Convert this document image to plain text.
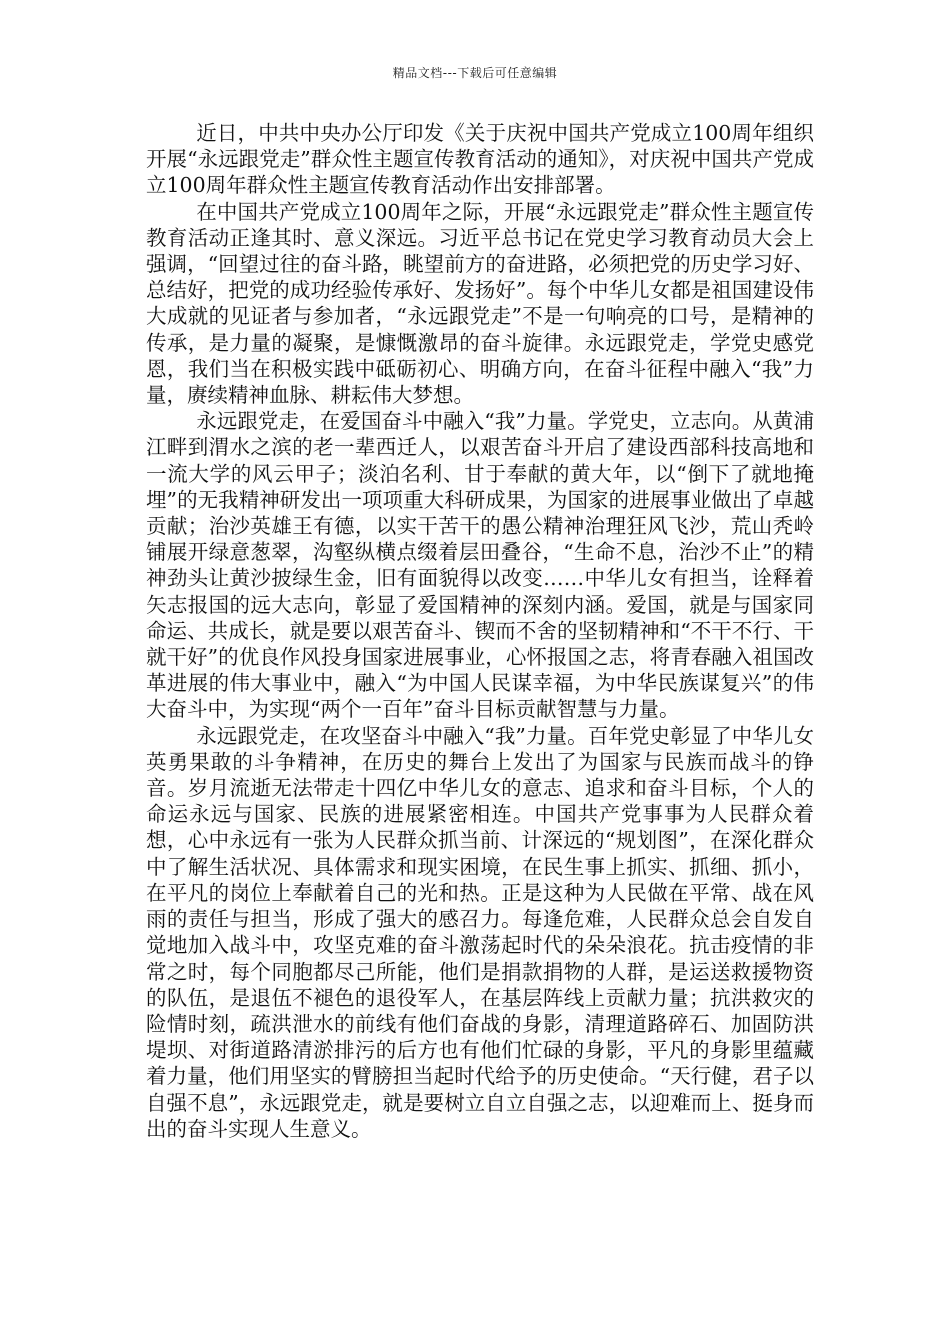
精品文档---下载后可任意编辑

近日，中共中央办公厅印发《关于庆祝中国共产党成立100周年组织开展“永远跟党走”群众性主题宣传教育活动的通知》，对庆祝中国共产党成立100周年群众性主题宣传教育活动作出安排部署。

在中国共产党成立100周年之际，开展“永远跟党走”群众性主题宣传教育活动正逢其时、意义深远。习近平总书记在党史学习教育动员大会上强调，“回望过往的奋斗路，眺望前方的奋进路，必须把党的历史学习好、总结好，把党的成功经验传承好、发扬好”。每个中华儿女都是祖国建设伟大成就的见证者与参加者，“永远跟党走”不是一句响亮的口号，是精神的传承，是力量的凝聚，是慷慨激昂的奋斗旋律。永远跟党走，学党史感党恩，我们当在积极实践中砥砺初心、明确方向，在奋斗征程中融入“我”力量，赓续精神血脉、耕耘伟大梦想。

永远跟党走，在爱国奋斗中融入“我”力量。学党史，立志向。从黄浦江畔到渭水之滨的老一辈西迁人，以艰苦奋斗开启了建设西部科技高地和一流大学的风云甲子；淡泊名利、甘于奉献的黄大年，以“倒下了就地掩埋”的无我精神研发出一项项重大科研成果，为国家的进展事业做出了卓越贡献；治沙英雄王有德，以实干苦干的愚公精神治理狂风飞沙，荒山秃岭铺展开绿意葱翠，沟壑纵横点缀着层田叠谷，“生命不息，治沙不止”的精神劲头让黄沙披绿生金，旧有面貌得以改变……中华儿女有担当，诠释着矢志报国的远大志向，彰显了爱国精神的深刻内涵。爱国，就是与国家同命运、共成长，就是要以艰苦奋斗、锲而不舍的坚韧精神和“不干不行、干就干好”的优良作风投身国家进展事业，心怀报国之志，将青春融入祖国改革进展的伟大事业中，融入“为中国人民谋幸福，为中华民族谋复兴”的伟大奋斗中，为实现“两个一百年”奋斗目标贡献智慧与力量。

永远跟党走，在攻坚奋斗中融入“我”力量。百年党史彰显了中华儿女英勇果敢的斗争精神，在历史的舞台上发出了为国家与民族而战斗的铮音。岁月流逝无法带走十四亿中华儿女的意志、追求和奋斗目标，个人的命运永远与国家、民族的进展紧密相连。中国共产党事事为人民群众着想，心中永远有一张为人民群众抓当前、计深远的“规划图”，在深化群众中了解生活状况、具体需求和现实困境，在民生事上抓实、抓细、抓小，在平凡的岗位上奉献着自己的光和热。正是这种为人民做在平常、战在风雨的责任与担当，形成了强大的感召力。每逢危难，人民群众总会自发自觉地加入战斗中，攻坚克难的奋斗激荡起时代的朵朵浪花。抗击疫情的非常之时，每个同胞都尽己所能，他们是捐款捐物的人群，是运送救援物资的队伍，是退伍不褪色的退役军人，在基层阵线上贡献力量；抗洪救灾的险情时刻，疏洪泄水的前线有他们奋战的身影，清理道路碎石、加固防洪堤坝、对街道路清淤排污的后方也有他们忙碌的身影，平凡的身影里蕴藏着力量，他们用坚实的臂膀担当起时代给予的历史使命。“天行健，君子以自强不息”，永远跟党走，就是要树立自立自强之志，以迎难而上、挺身而出的奋斗实现人生意义。
